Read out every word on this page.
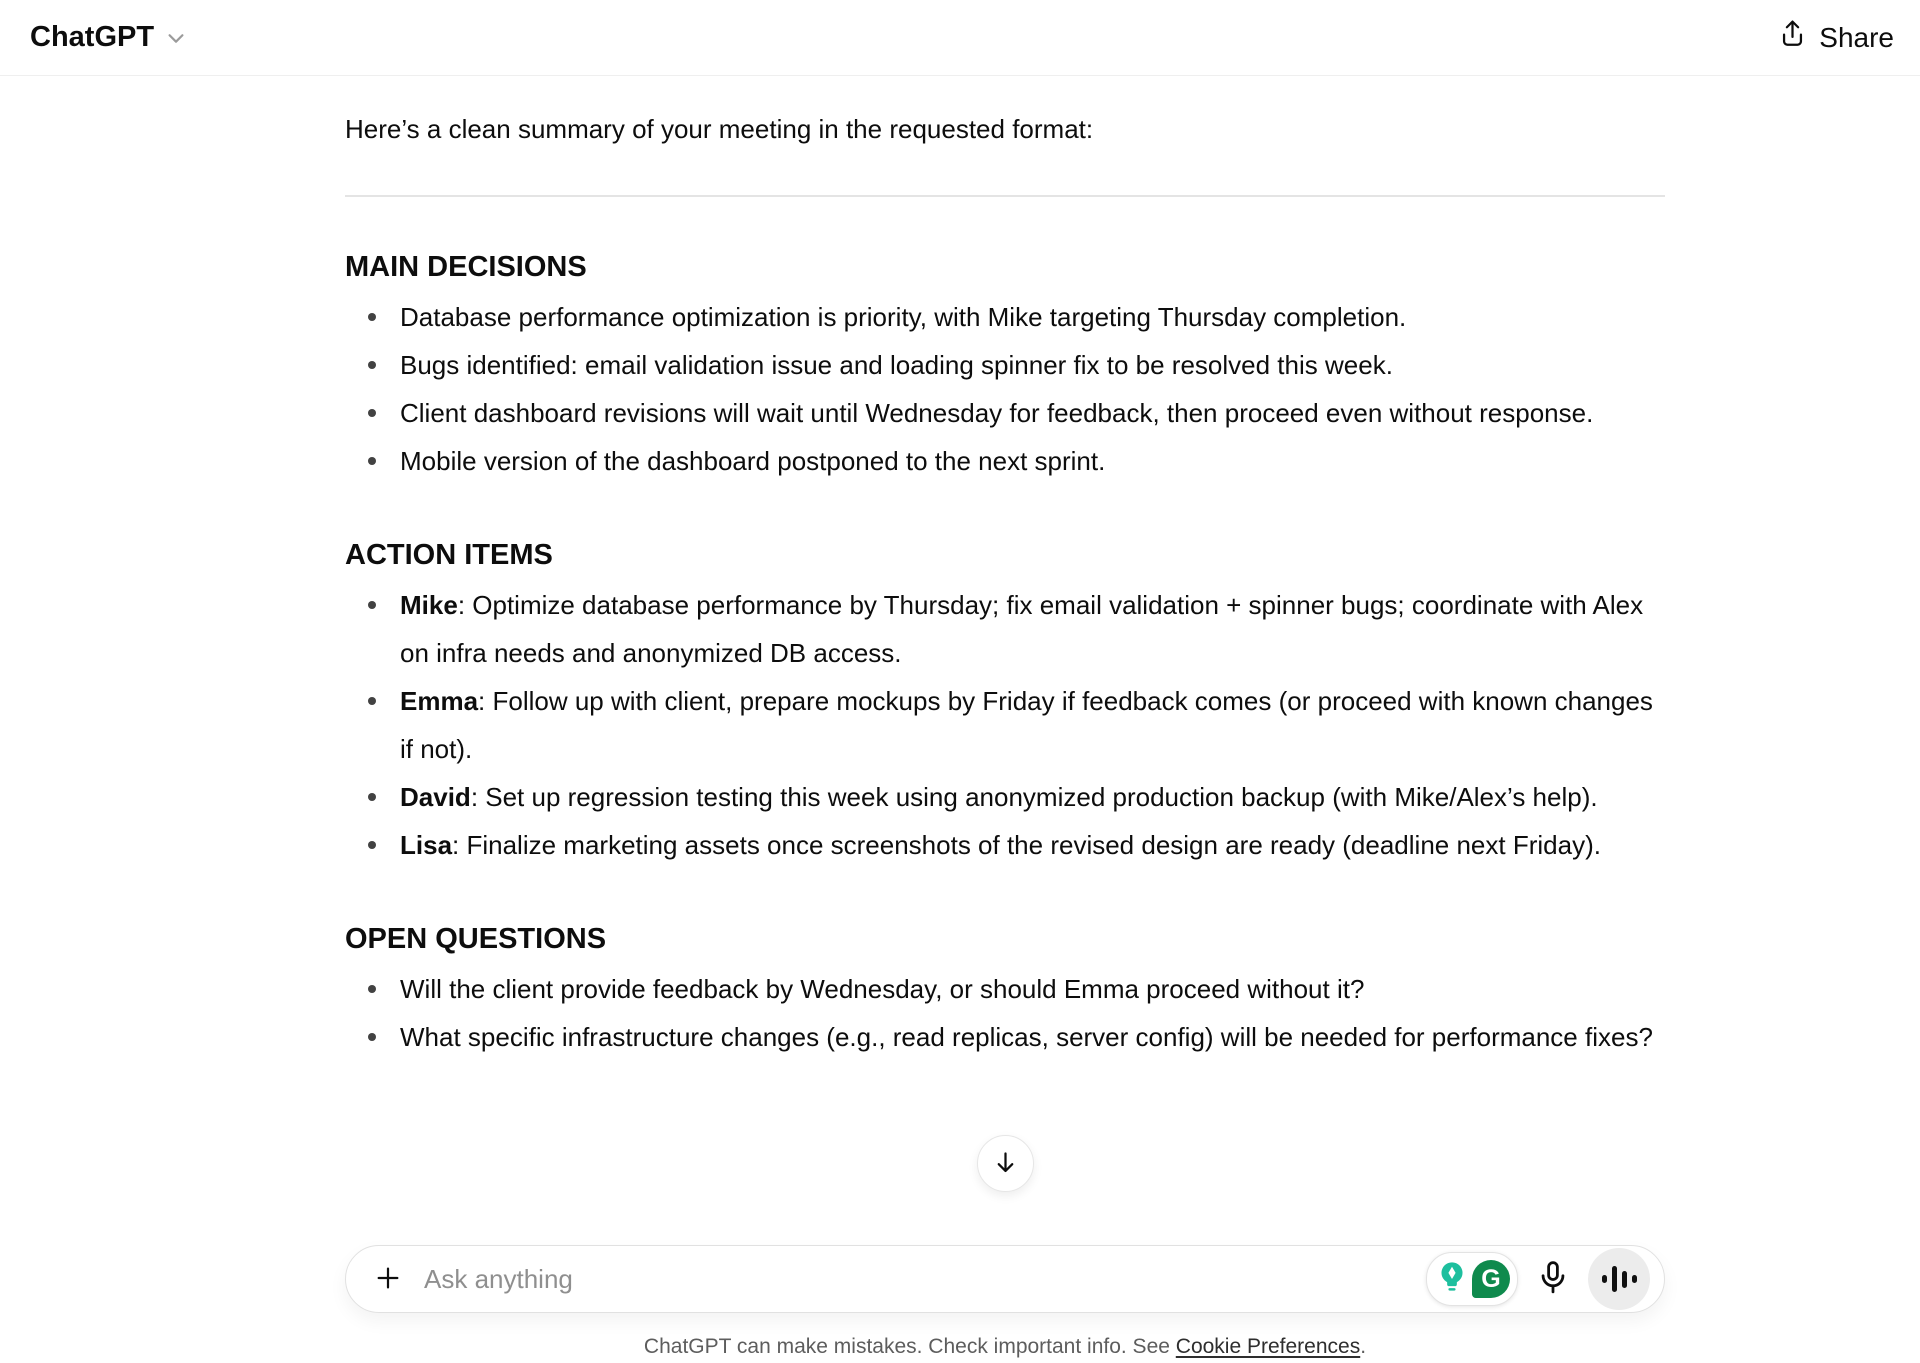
ChatGPT	Share

Here’s a clean summary of your meeting in the requested format:

MAIN DECISIONS
Database performance optimization is priority, with Mike targeting Thursday completion.
Bugs identified: email validation issue and loading spinner fix to be resolved this week.
Client dashboard revisions will wait until Wednesday for feedback, then proceed even without response.
Mobile version of the dashboard postponed to the next sprint.
ACTION ITEMS
Mike: Optimize database performance by Thursday; fix email validation + spinner bugs; coordinate with Alex on infra needs and anonymized DB access.
Emma: Follow up with client, prepare mockups by Friday if feedback comes (or proceed with known changes if not).
David: Set up regression testing this week using anonymized production backup (with Mike/Alex’s help).
Lisa: Finalize marketing assets once screenshots of the revised design are ready (deadline next Friday).
OPEN QUESTIONS
Will the client provide feedback by Wednesday, or should Emma proceed without it?
What specific infrastructure changes (e.g., read replicas, server config) will be needed for performance fixes?
Ask anything	G
ChatGPT can make mistakes. Check important info. See Cookie Preferences.
